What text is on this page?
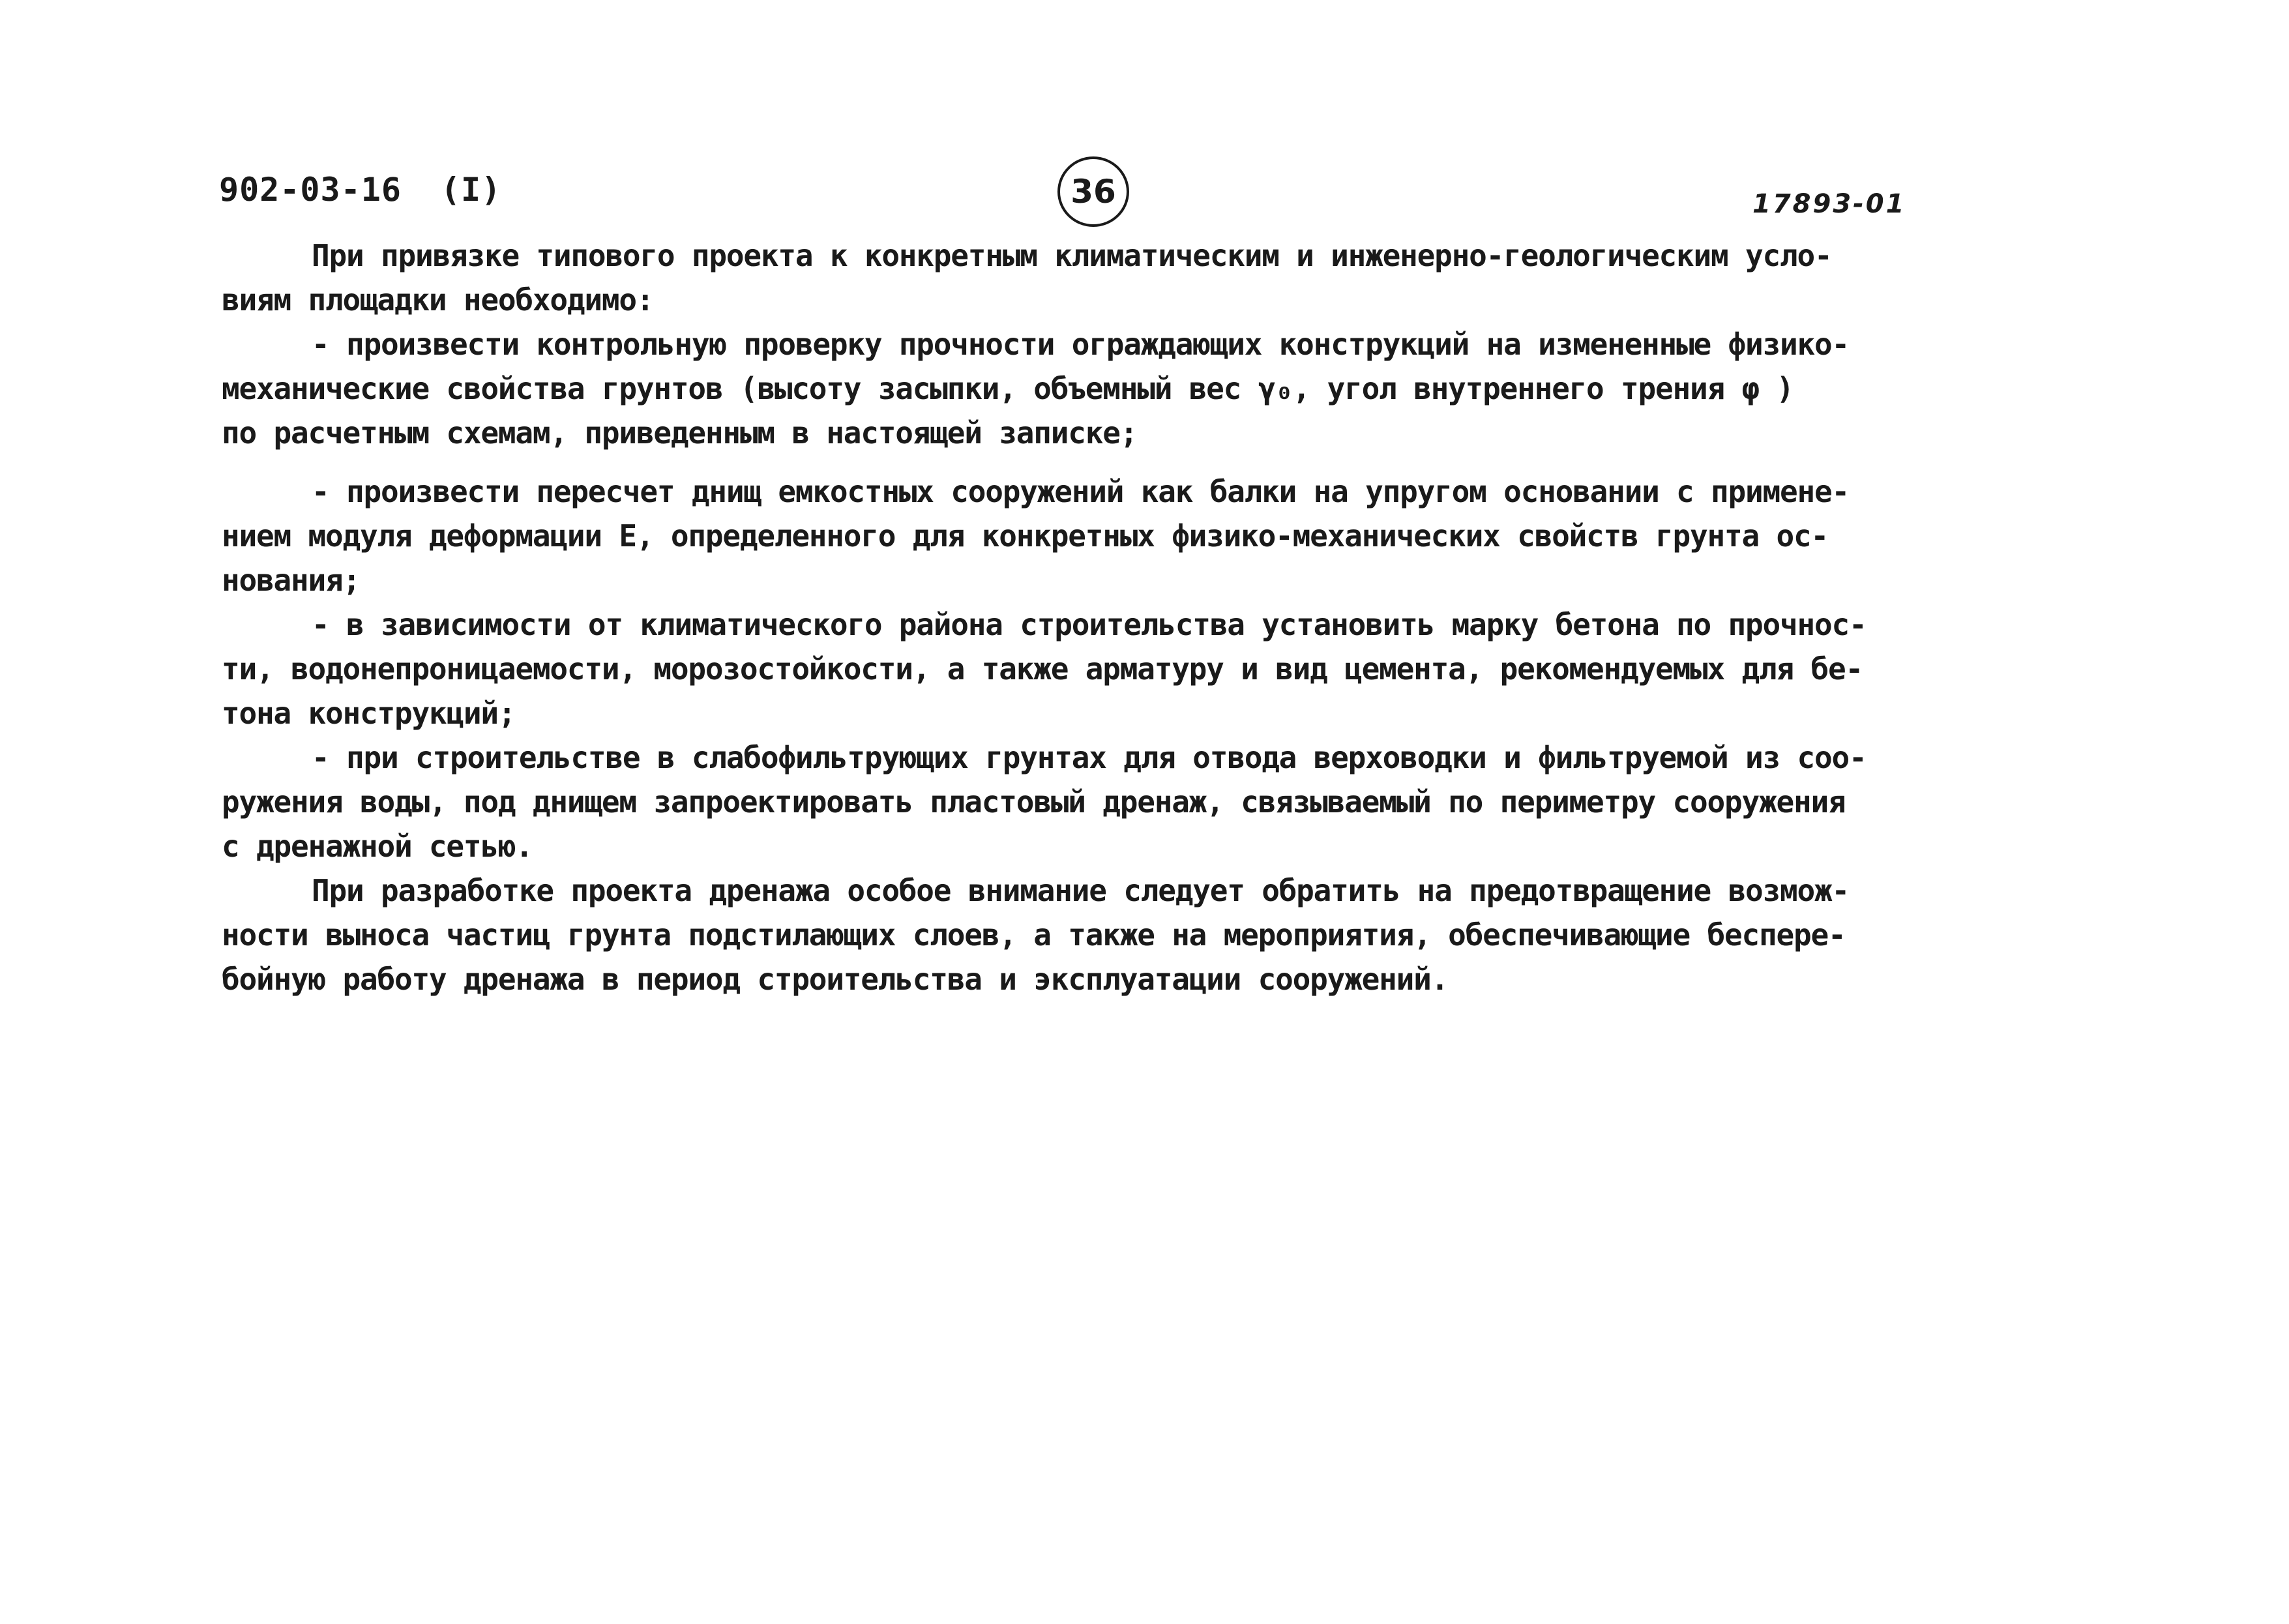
902-03-16 (I)	36	17893-01
При привязке типового проекта к конкретным климатическим и инженерно-геологическим усло-
виям площадки необходимо:
- произвести контрольную проверку прочности ограждающих конструкций на измененные физико-
механические свойства грунтов (высоту засыпки, объемный вес γ₀, угол внутреннего трения φ )
по расчетным схемам, приведенным в настоящей записке;
- произвести пересчет днищ емкостных сооружений как балки на упругом основании с примене-
нием модуля деформации E, определенного для конкретных физико-механических свойств грунта ос-
нования;
- в зависимости от климатического района строительства установить марку бетона по прочнос-
ти, водонепроницаемости, морозостойкости, а также арматуру и вид цемента, рекомендуемых для бе-
тона конструкций;
- при строительстве в слабофильтрующих грунтах для отвода верховодки и фильтруемой из соо-
ружения воды, под днищем запроектировать пластовый дренаж, связываемый по периметру сооружения
с дренажной сетью.
При разработке проекта дренажа особое внимание следует обратить на предотвращение возмож-
ности выноса частиц грунта подстилающих слоев, а также на мероприятия, обеспечивающие беспере-
бойную работу дренажа в период строительства и эксплуатации сооружений.
